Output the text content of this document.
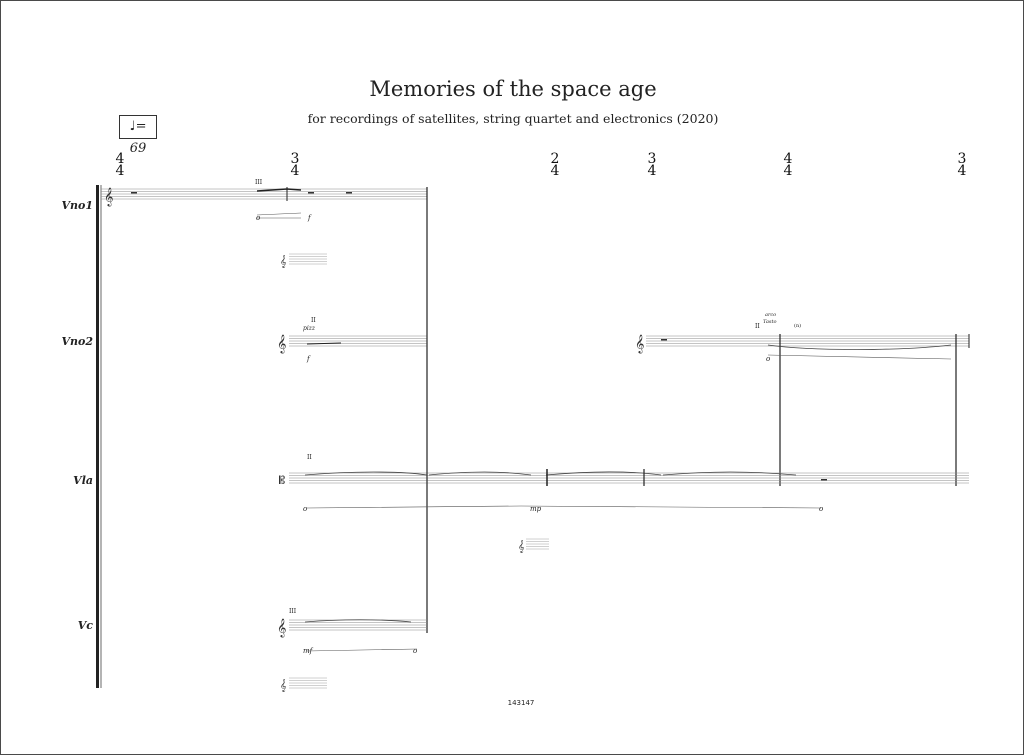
Memories of the space age
for recordings of satellites, string quartet and electronics (2020)
♩= 69
4
4
3
4
2
4
3
4
4
4
3
4
Vno1
Vno2
Vla
Vc
𝄞
III
o	f
𝄞
𝄞	𝄞
II
pizz
f
II
arco
Tasto
(n)
o
𝄡
II
o	mp	o
𝄞
𝄞
III
mf	o
𝄞
143147
